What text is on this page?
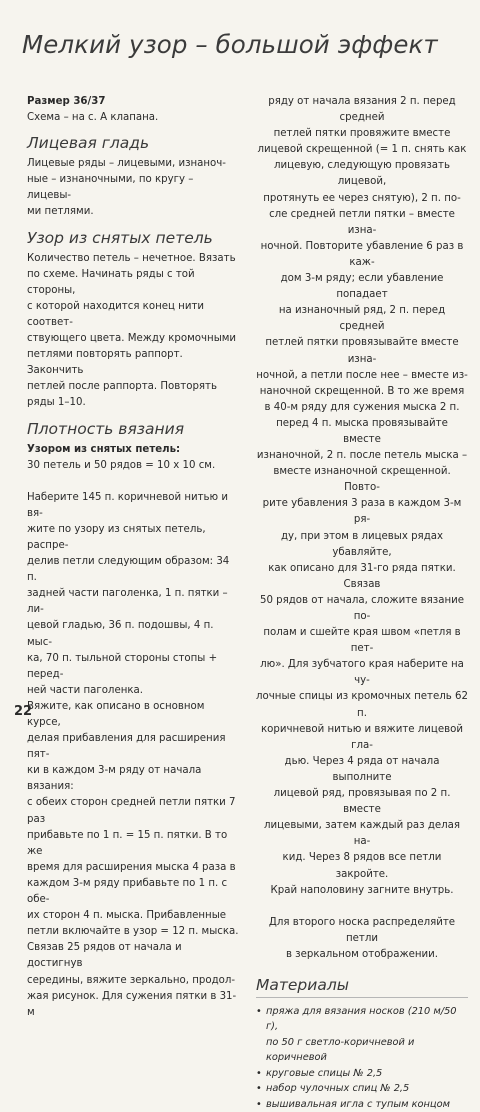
Мелкий узор – большой эффект

Размер 36/37

Схема – на с. А клапана.

Лицевая гладь

Лицевые ряды – лицевыми, изнаноч-

ные – изнаночными, по кругу – лицевы-

ми петлями.

Узор из снятых петель

Количество петель – нечетное. Вязать

по схеме. Начинать ряды с той стороны,

с которой находится конец нити соответ-

ствующего цвета. Между кромочными

петлями повторять раппорт. Закончить

петлей после раппорта. Повторять

ряды 1–10.

Плотность вязания

Узором из снятых петель:

30 петель и 50 рядов = 10 х 10 см.

Наберите 145 п. коричневой нитью и вя-

жите по узору из снятых петель, распре-

делив петли следующим образом: 34 п.

задней части паголенка, 1 п. пятки – ли-

цевой гладью, 36 п. подошвы, 4 п. мыс-

ка, 70 п. тыльной стороны стопы + перед-

ней части паголенка.

Вяжите, как описано в основном курсе,

делая прибавления для расширения пят-

ки в каждом 3-м ряду от начала вязания:

с обеих сторон средней петли пятки 7 раз

прибавьте по 1 п. = 15 п. пятки. В то же

время для расширения мыска 4 раза в

каждом 3-м ряду прибавьте по 1 п. с обе-

их сторон 4 п. мыска. Прибавленные

петли включайте в узор = 12 п. мыска.

Связав 25 рядов от начала и достигнув

середины, вяжите зеркально, продол-

жая рисунок. Для сужения пятки в 31-м

ряду от начала вязания 2 п. перед средней

петлей пятки провяжите вместе

лицевой скрещенной (= 1 п. снять как

лицевую, следующую провязать лицевой,

протянуть ее через снятую), 2 п. по-

сле средней петли пятки – вместе изна-

ночной. Повторите убавление 6 раз в каж-

дом 3-м ряду; если убавление попадает

на изнаночный ряд, 2 п. перед средней

петлей пятки провязывайте вместе изна-

ночной, а петли после нее – вместе из-

наночной скрещенной. В то же время

в 40-м ряду для сужения мыска 2 п.

перед 4 п. мыска провязывайте вместе

изнаночной, 2 п. после петель мыска –

вместе изнаночной скрещенной. Повто-

рите убавления 3 раза в каждом 3-м ря-

ду, при этом в лицевых рядах убавляйте,

как описано для 31-го ряда пятки. Связав

50 рядов от начала, сложите вязание по-

полам и сшейте края швом «петля в пет-

лю». Для зубчатого края наберите на чу-

лочные спицы из кромочных петель 62 п.

коричневой нитью и вяжите лицевой гла-

дью. Через 4 ряда от начала выполните

лицевой ряд, провязывая по 2 п. вместе

лицевыми, затем каждый раз делая на-

кид. Через 8 рядов все петли закройте.

Край наполовину загните внутрь.

Для второго носка распределяйте петли

в зеркальном отображении.

Материалы

• пряжа для вязания носков (210 м/50 г),
по 50 г светло-коричневой и коричневой
• круговые спицы № 2,5
• набор чулочных спиц № 2,5
• вышивальная игла с тупым концом
22
